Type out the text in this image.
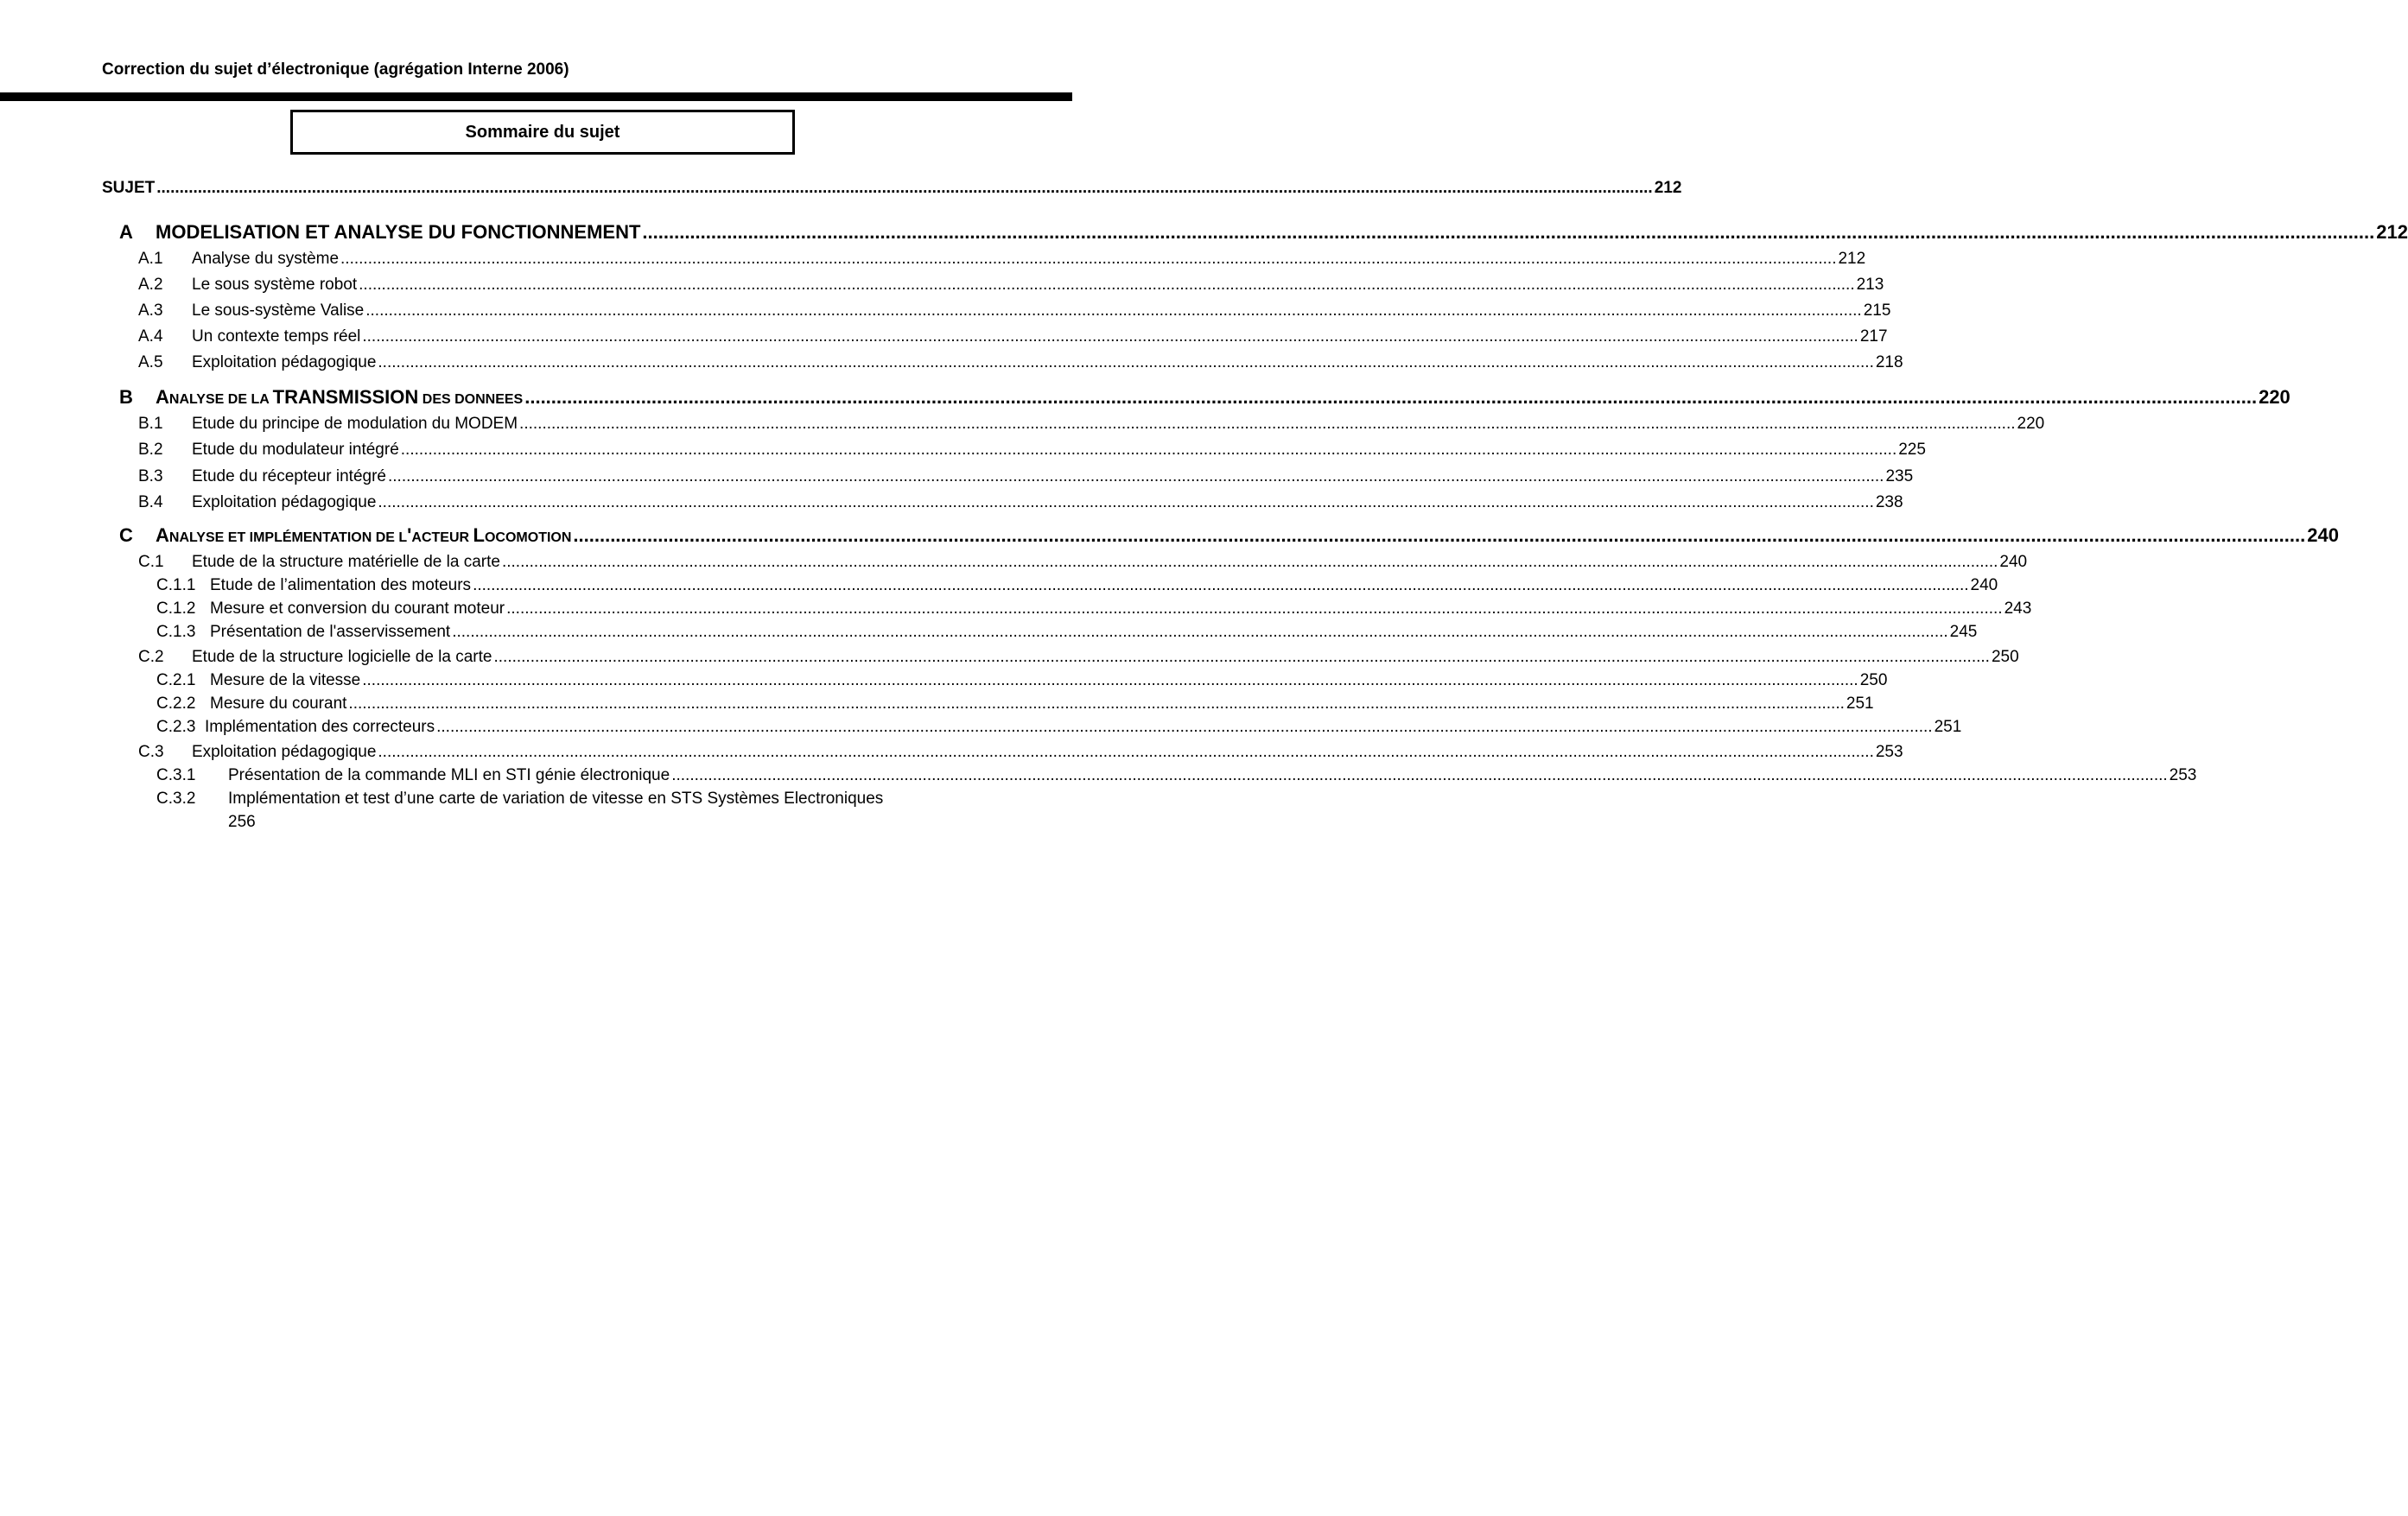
Correction du sujet d’électronique (agrégation Interne 2006)
Sommaire du sujet
SUJET .....	212
A	MODELISATION ET ANALYSE DU FONCTIONNEMENT .....	212
A.1	Analyse du système .....	212
A.2	Le sous système robot .....	213
A.3	Le sous-système Valise .....	215
A.4	Un contexte temps réel .....	217
A.5	Exploitation pédagogique .....	218
B	ANALYSE DE LA TRANSMISSION DES DONNEES .....	220
B.1	Etude du principe de modulation du MODEM .....	220
B.2	Etude du modulateur intégré .....	225
B.3	Etude du récepteur intégré .....	235
B.4	Exploitation pédagogique .....	238
C	ANALYSE ET IMPLÉMENTATION DE L'ACTEUR LOCOMOTION .....	240
C.1	Etude de la structure matérielle de la carte .....	240
C.1.1 Etude de l’alimentation des moteurs .....	240
C.1.2 Mesure et conversion du courant moteur .....	243
C.1.3 Présentation de l'asservissement .....	245
C.2	Etude de la structure logicielle de la carte .....	250
C.2.1 Mesure de la vitesse .....	250
C.2.2 Mesure du courant .....	251
C.2.3 Implémentation des correcteurs .....	251
C.3	Exploitation pédagogique .....	253
C.3.1	Présentation de la commande MLI en STI génie électronique .....	253
C.3.2 Implémentation et test d’une carte de variation de vitesse en STS Systèmes Electroniques
256
